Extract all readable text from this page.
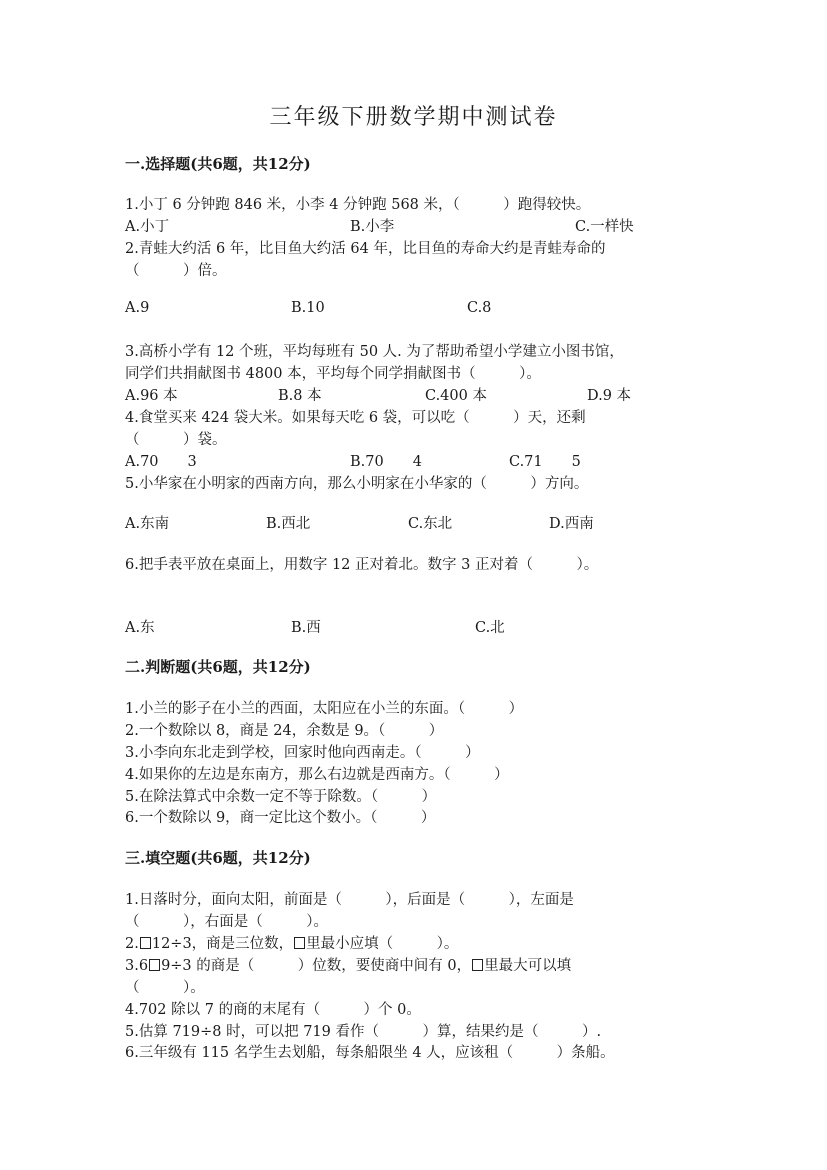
三年级下册数学期中测试卷
一.选择题(共6题，共12分)
1.小丁 6 分钟跑 846 米，小李 4 分钟跑 568 米，（　　　）跑得较快。
A.小丁	B.小李	C.一样快
2.青蛙大约活 6 年，比目鱼大约活 64 年，比目鱼的寿命大约是青蛙寿命的
（　　　）倍。
A.9	B.10	C.8
3.高桥小学有 12 个班，平均每班有 50 人. 为了帮助希望小学建立小图书馆，
同学们共捐献图书 4800 本，平均每个同学捐献图书（　　　）。
A.96 本	B.8 本	C.400 本	D.9 本
4.食堂买来 424 袋大米。如果每天吃 6 袋，可以吃（　　　）天，还剩
（　　　）袋。
A.70　　3	B.70　　4	C.71　　5
5.小华家在小明家的西南方向，那么小明家在小华家的（　　　）方向。
A.东南	B.西北	C.东北	D.西南
6.把手表平放在桌面上，用数字 12 正对着北。数字 3 正对着（　　　）。
A.东	B.西	C.北
二.判断题(共6题，共12分)
1.小兰的影子在小兰的西面，太阳应在小兰的东面。（　　　）
2.一个数除以 8，商是 24，余数是 9。（　　　）
3.小李向东北走到学校，回家时他向西南走。（　　　）
4.如果你的左边是东南方，那么右边就是西南方。（　　　）
5.在除法算式中余数一定不等于除数。（　　　）
6.一个数除以 9，商一定比这个数小。（　　　）
三.填空题(共6题，共12分)
1.日落时分，面向太阳，前面是（　　　），后面是（　　　），左面是
（　　　），右面是（　　　）。
2. 12÷3，商是三位数， 里最小应填（　　　）。
3.6 9÷3 的商是（　　　）位数，要使商中间有 0， 里最大可以填
（　　　）。
4.702 除以 7 的商的末尾有（　　　）个 0。
5.估算 719÷8 时，可以把 719 看作（　　　）算，结果约是（　　　）.
6.三年级有 115 名学生去划船，每条船限坐 4 人，应该租（　　　）条船。
